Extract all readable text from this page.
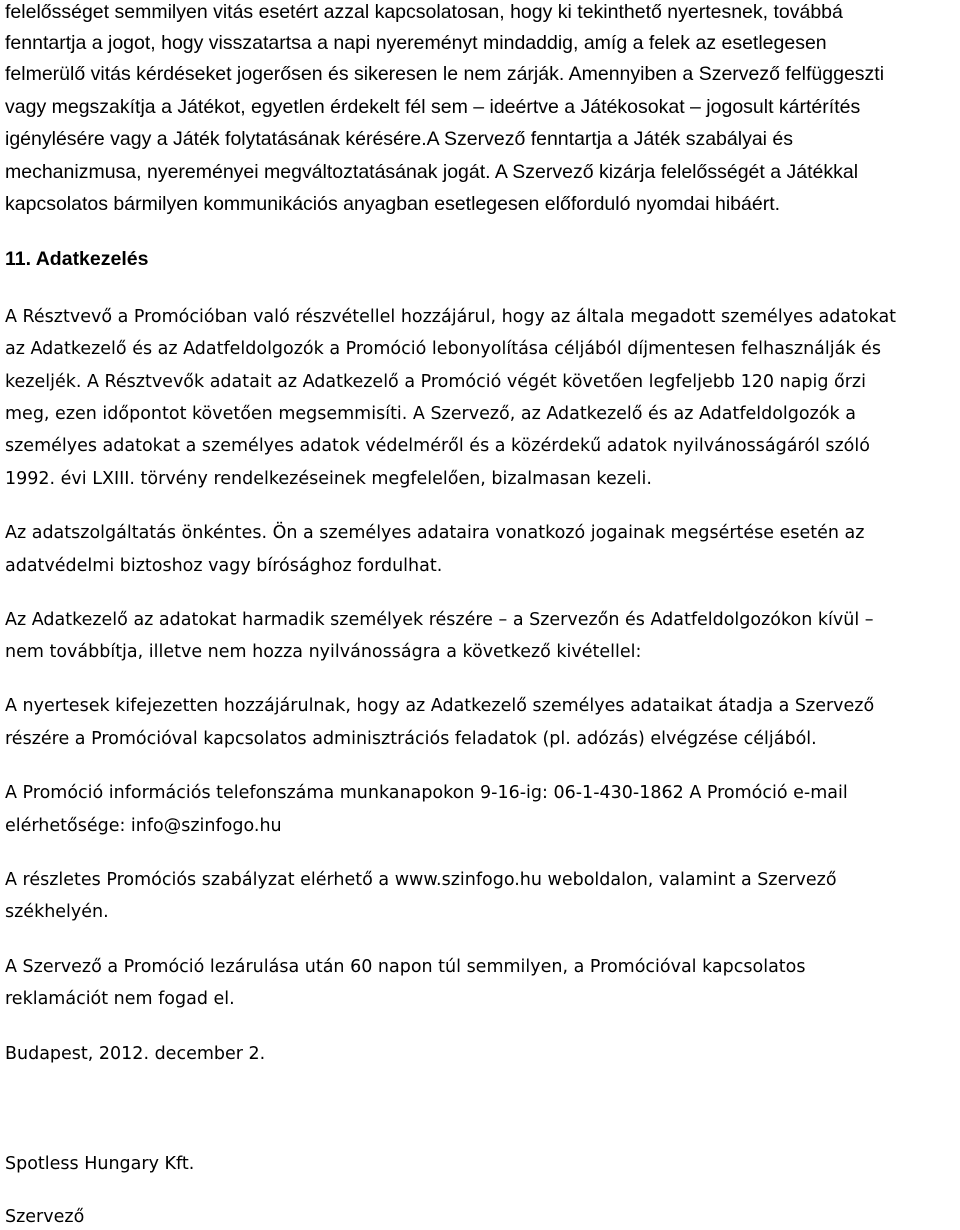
felelősséget semmilyen vitás esetért azzal kapcsolatosan, hogy ki tekinthető nyertesnek, továbbá
fenntartja a jogot, hogy visszatartsa a napi nyereményt mindaddig, amíg a felek az esetlegesen
felmerülő vitás kérdéseket jogerősen és sikeresen le nem zárják. Amennyiben a Szervező felfüggeszti
vagy megszakítja a Játékot, egyetlen érdekelt fél sem – ideértve a Játékosokat – jogosult kártérítés
igénylésére vagy a Játék folytatásának kérésére.A Szervező fenntartja a Játék szabályai és
mechanizmusa, nyereményei megváltoztatásának jogát. A Szervező kizárja felelősségét a Játékkal
kapcsolatos bármilyen kommunikációs anyagban esetlegesen előforduló nyomdai hibáért.
11. Adatkezelés
A Résztvevő a Promócióban való részvétellel hozzájárul, hogy az általa megadott személyes adatokat
az Adatkezelő és az Adatfeldolgozók a Promóció lebonyolítása céljából díjmentesen felhasználják és
kezeljék. A Résztvevők adatait az Adatkezelő a Promóció végét követően legfeljebb 120 napig őrzi
meg, ezen időpontot követően megsemmisíti. A Szervező, az Adatkezelő és az Adatfeldolgozók a
személyes adatokat a személyes adatok védelméről és a közérdekű adatok nyilvánosságáról szóló
1992. évi LXIII. törvény rendelkezéseinek megfelelően, bizalmasan kezeli.
Az adatszolgáltatás önkéntes. Ön a személyes adataira vonatkozó jogainak megsértése esetén az
adatvédelmi biztoshoz vagy bírósághoz fordulhat.
Az Adatkezelő az adatokat harmadik személyek részére – a Szervezőn és Adatfeldolgozókon kívül –
nem továbbítja, illetve nem hozza nyilvánosságra a következő kivétellel:
A nyertesek kifejezetten hozzájárulnak, hogy az Adatkezelő személyes adataikat átadja a Szervező
részére a Promócióval kapcsolatos adminisztrációs feladatok (pl. adózás) elvégzése céljából.
A Promóció információs telefonszáma munkanapokon 9-16-ig: 06-1-430-1862 A Promóció e-mail
elérhetősége: info@szinfogo.hu
A részletes Promóciós szabályzat elérhető a www.szinfogo.hu weboldalon, valamint a Szervező
székhelyén.
A Szervező a Promóció lezárulása után 60 napon túl semmilyen, a Promócióval kapcsolatos
reklamációt nem fogad el.
Budapest, 2012. december 2.
Spotless Hungary Kft.
Szervező
